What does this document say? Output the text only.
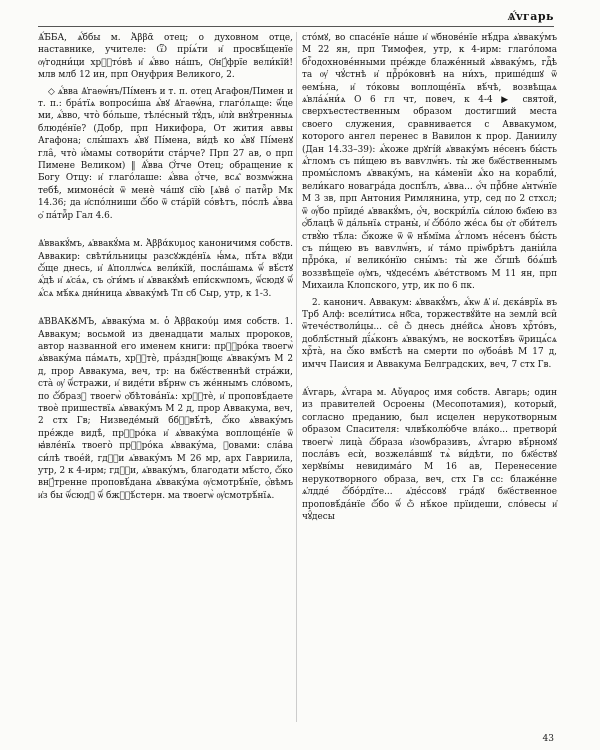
Ѧ҆́vгарь

Ѧ҆́ББА, ѧ҆́ббы м. Ἀββᾶ отец; о духовном отце, наставнике, учителе: Ѿ прі́ѧ́ти и҆ просвѣ́щенїе ѹ҆годни́ци хрⷭ҇то́вѣ и҆ ѧ҆́вво на́шъ, Ѻ҆нꙋ́фрїе вели́кїй! млв млб 12 ин, прп Онуфрия Великого, 2.

◇ ѧ҆́вва Ѧ҆гаѳѡ́нъ/Пі́менъ и т. п. отец Агафон/Пимен и т. п.: бра́тїѧ вопроси́ша ѧ҆́вꙋ Ѧ҆гаѳѡ́на, глаго́лѧще: ѿ́це ми, ѧ҆́вво, что̀ бо́льше, тѣле́сный тꙋ́дъ, и҆лѝ внꙋ́тренныѧ блюде́нїе? (Добр, прп Никифора, От жития аввы Агафона; слы́шахъ ѧ҆́вꙋ Пі́мена, ви́дѣ ко ѧ҆́вꙋ Пі́менꙋ гла̑, что̀ и҆́мамы сотвори́ти ста́рче? Прп 27 ав, о прп Пимене Великом) ‖ Ѧ҆́вва Ѻ҆́тче Отец; обращение к Богу Отцу: и҆ глаго́лаше: ѧ҆́вва ѻ҆́тче, всѧ̑ возмѡ́жна тебѣ̀, мимоне́сѝ ѿ менѐ ча́шꙋ сїю̀ [ѧ҆ввⷶ ѻ҆ патиⷪ҇р Мк 14.36; да и҆спо́лниши ѽ́бо ѿ ста́рїй со́вѣтъ, по́слѣ ѧ҆́вва ѻ҆ па́тиⷪ҇р Гал 4.6.

Ѧ҆ввакꙋ́мъ, ѧ҆ввакꙋ́ма м. Ἀββάκυμος каноничимя собств. Аввакир: свѣти́льницы разсꙋжде́нїѧ ꙗ҆́мѧ, пѣ́тѧ вꙋди ѽ́ще днесь, и҆ Ѧ҆поллѡ́сѧ вели́кїй, посла́шамѧ ѿ́ вѣ́стꙋ ѧ҆́дѣ и҆ ѧ҆са́ѧ, съ ѻ҆ги́мъ и҆ ѧ҆ввакꙋ́мѣ епи́скѡпомъ, ѿ́сюдꙋ ѿ́ ѧ҆́сѧ мѣ́кѧ дни́ница ѧ҆вваку́мѣ Тп сб Сыр, утр, к 1-3.

Ѧ҆ВВАКꙊ́МЪ, ѧ҆вваку́ма м. ὁ Ἀββακούμ имя собств. 1. Аввакум; восьмой из двенадцати малых пророков, автор названной его именем книги: прⷪ҇ро́ка твоегѡ̀ ѧ҆вваку́ма па́мѧть, хрⷭ҇тѐ, пра́зднꙋющє ѧ҆вваку́мъ М 2 д, прор Аввакума, веч, тр: на бж҃е́ственнѣй стра́жи, ста̀ ѹ҆ ѿ́стражи, и҆ виде́ти вѣ́рнѡ съ же́ннымъ сло́вомъ, по ѽ́бразꙋ твоегѡ̀ ѻ҆бѣтова́нїѧ: хрⷭ҇тѐ, и҆ проповѣ́даете твоѐ пришествїѧ ѧ҆вваку́мъ М 2 д, прор Аввакума, веч, 2 стх Гв; Низведе́мый ббⷭ҇вѣ́тѣ, ѽ́ко ѧ҆вваку́мъ пре́жде видѣ̀, прⷪ҇ро́ка и҆ ѧ҆вваку́ма воплоще́нїе ѿ ꙗ҆вле́нїѧ твоего̀ прⷪ҇ро́ка ѧ҆вваку́ма, ꙁовами: сла́ва си́лѣ твое́й, гдⷭ҇и ѧ҆вваку́мъ М 26 мр, арх Гавриила, утр, 2 к 4-ирм; гдⷭ҇и, ѧ҆вваку́мъ, благодати мѣ́сто, ѽ́ко внꙋ́тренне проповѣ́дана ѧ҆вваку́ма ѹ҆смотрѣ́нїе, ѻ҆́вѣмъ и҆з бы ѿ́сюдꙋ ѿ́ бжⷭ҇ѣ́стерн. ма твоегѡ̀ ѹ҆смотрѣ́нїѧ.

сто́мꙋ, во спасе́нїе на́ше и҆ ѡ҆бнове́нїе нѣ́дра ѧ҆вваку́мъ М 22 ян, прп Тимофея, утр, к 4-ирм: глаго́лома бгⷭ҇одохнове́нными пре́жде блаже́нный ѧ҆вваку́мъ, гдⷭ҇ѣ та ѹ҆ чꙋ́стнѣ и҆ прⷪ҇ро́ковнѣ на ни́хъ, прише́дшꙋ ѿ ѳемъ́на, и҆ то́ковы воплоще́нїѧ вѣ́чѣ, возвѣщаѧ ѧ҆вла́ѧ́ни́ѧ О 6 гл чт, повеч, к 4-4 ▶ святой, сверхъестественным образом достигший места своего служения, сравнивается с Аввакумом, которого ангел перенес в Вавилон к прор. Даниилу (Дан 14.33–39): ѧ҆́коже дрꙋгі́й ѧ҆вваку́мъ не́сенъ бы́сть ѧ҆́гломъ съ пи́щею въ вавѵлѡ́нъ. ты̀ же бж҃е́ственнымъ промы́сломъ ѧ҆вваку́мъ, на ка́менїи ѧ҆́ко на корабли́, вели́каго новагра́да доспѣ́лъ, ѧ҆вва... ѻ҆́ч прⷪ҇бне ѧ҆нтѡ́нїе М 3 зв, прп Антония Римлянина, утр, сед по 2 стхсл; ѿ ѹ҆́бо прїиде́ ѧ҆ввакꙋ́мъ, ѻ҆́ч, воскри́лїѧ си́лою бж҃їею вз ѻ҆́блацѣ ѿ да́льнїѧ страны̀, и҆ ѽ́бо́ло же́сѧ бы ѻ҆т ѻ҆би́телъ ствꙋ̀ю тѣ́ла: ѽ́коже ѿ ѿ нѣ́мїма ѧ҆́гломъ не́сенъ бы́сть съ пи́щею въ вавѵлѡ́нъ, и҆ та́мо пріѡбрѣтъ даніи́ла прⷪ҇ро́ка, и҆ велико́нїю сны́мъ: ты̀ же ѽ́гшѣ бо́ѧ́шѣ воззвѣщеїе ѹ҆мъ, чꙋдесе́мъ ѧ҆ве́тствомъ М 11 ян, прп Михаила Клопского, утр, ик по 6 пк.

2. канонич. Аввакум: ѧ҆ввакꙋ́мъ, ѧ҆́кѡ Ѧ҆ и҆. дєка́врїѧ въ Трб Алф: всели́тисѧ нб҃са, торжествꙋ́йте на земли̑ вси̑ ѿтече́стволи́цы... се̑ ѽ днесь дне́йсѧ ѧ҆́новъ хрⷭ҇то́въ, доблѣ́стный дї́ѧ́конъ ѧ҆вваку́мъ, не воскотѣ́въ ѿрицѧ́сѧ хрⷭ҇та̀, на ѽ́ко вмѣ́стѣ на смерти по ѹ҆боа́вѣ М 17 д, имчч Паисия и Аввакума Белградских, веч, 7 стх Гв.

Ѧ҆́vгарь, ѧ҆́vгара м. Αὔγαρος имя собств. Авгарь; один из правителей Осроены (Месопотамия), который, согласно преданию, был исцелен нерукотворным образом Спасителя: члвѣ́колю́бче вла́ко... претвори́ твоегѡ̀ лица̀ ѽ́браза и҆зоѡбразивъ, ѧ҆́vгарю вѣ́рномꙋ посла́въ есѝ, возжела́вшꙋ тѧ̀ ви́дѣти, по бж҃е́ствꙋ херꙋві́мы невидима́го М 16 ав, Перенесение нерукотворного образа, веч, стх Гв сс: блаже́нне ѧ҆лдде́ ѽ́бо́рдїте... ѧ҆де́ссовꙋ гра́дꙋ бж҃е́ственное проповѣ́да́нїе ѽ́́́́бо ѿ́ ѽ нѣ́кое прїидеши, сло́весы и҆ чꙋ̑десы

43
